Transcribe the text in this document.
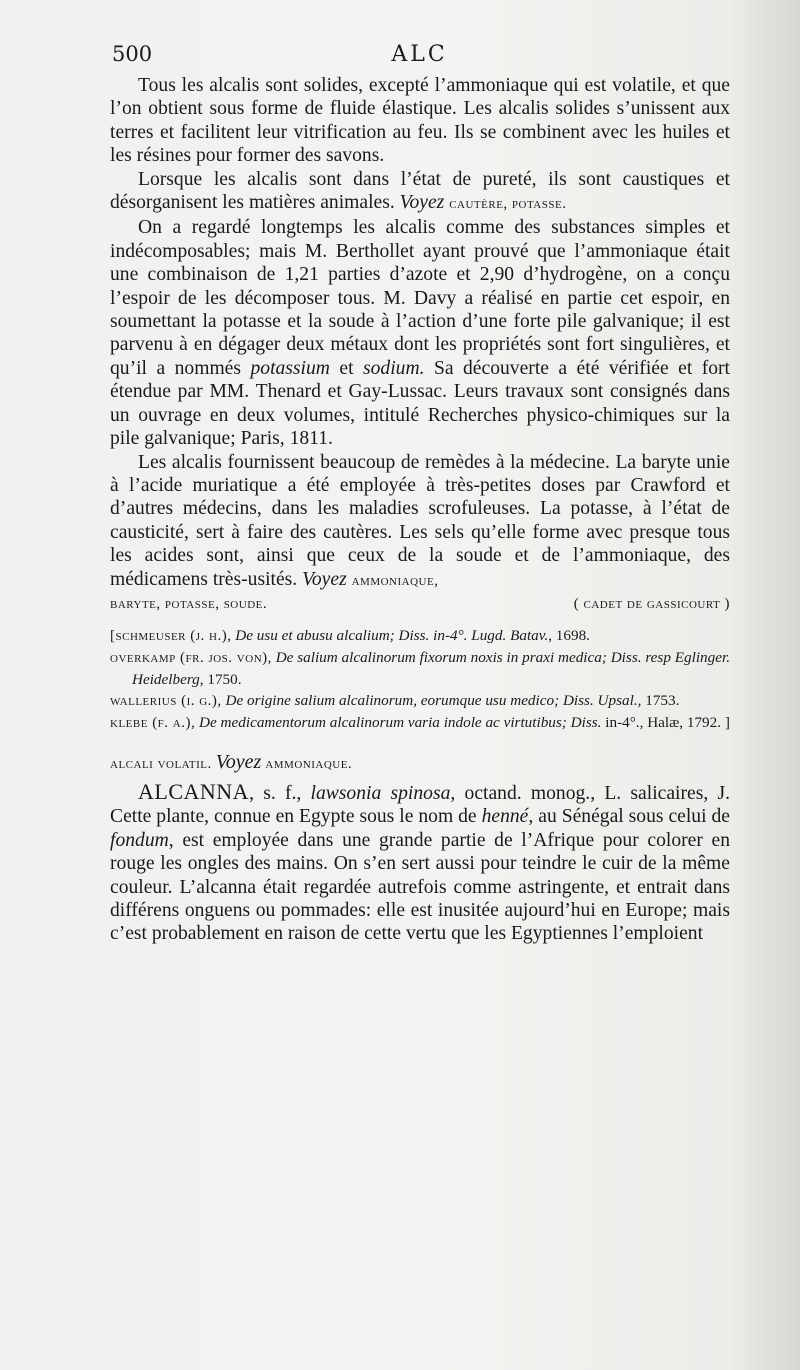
500	ALC

Tous les alcalis sont solides, excepté l’ammoniaque qui est volatile, et que l’on obtient sous forme de fluide élastique. Les alcalis solides s’unissent aux terres et facilitent leur vitrification au feu. Ils se combinent avec les huiles et les résines pour former des savons.

Lorsque les alcalis sont dans l’état de pureté, ils sont caustiques et désorganisent les matières animales. Voyez cautère, potasse.

On a regardé longtemps les alcalis comme des substances simples et indécomposables; mais M. Berthollet ayant prouvé que l’ammoniaque était une combinaison de 1,21 parties d’azote et 2,90 d’hydrogène, on a conçu l’espoir de les décomposer tous. M. Davy a réalisé en partie cet espoir, en soumettant la potasse et la soude à l’action d’une forte pile galvanique; il est parvenu à en dégager deux métaux dont les propriétés sont fort singulières, et qu’il a nommés potassium et sodium. Sa découverte a été vérifiée et fort étendue par MM. Thenard et Gay-Lussac. Leurs travaux sont consignés dans un ouvrage en deux volumes, intitulé Recherches physico-chimiques sur la pile galvanique; Paris, 1811.

Les alcalis fournissent beaucoup de remèdes à la médecine. La baryte unie à l’acide muriatique a été employée à très-petites doses par Crawford et d’autres médecins, dans les maladies scrofuleuses. La potasse, à l’état de causticité, sert à faire des cautères. Les sels qu’elle forme avec presque tous les acides sont, ainsi que ceux de la soude et de l’ammoniaque, des médicamens très-usités. Voyez ammoniaque,

baryte, potasse, soude.	( cadet de gassicourt )

[schmeuser (j. h.), De usu et abusu alcalium; Diss. in-4°. Lugd. Batav., 1698.

overkamp (fr. jos. von), De salium alcalinorum fixorum noxis in praxi medica; Diss. resp Eglinger. Heidelberg, 1750.

wallerius (i. g.), De origine salium alcalinorum, eorumque usu medico; Diss. Upsal., 1753.

klebe (f. a.), De medicamentorum alcalinorum varia indole ac virtutibus; Diss. in-4°., Halæ, 1792. ]

alcali volatil. Voyez ammoniaque.

ALCANNA, s. f., lawsonia spinosa, octand. monog., L. salicaires, J. Cette plante, connue en Egypte sous le nom de henné, au Sénégal sous celui de fondum, est employée dans une grande partie de l’Afrique pour colorer en rouge les ongles des mains. On s’en sert aussi pour teindre le cuir de la même couleur. L’alcanna était regardée autrefois comme astringente, et entrait dans différens onguens ou pommades: elle est inusitée aujourd’hui en Europe; mais c’est probablement en raison de cette vertu que les Egyptiennes l’emploient
